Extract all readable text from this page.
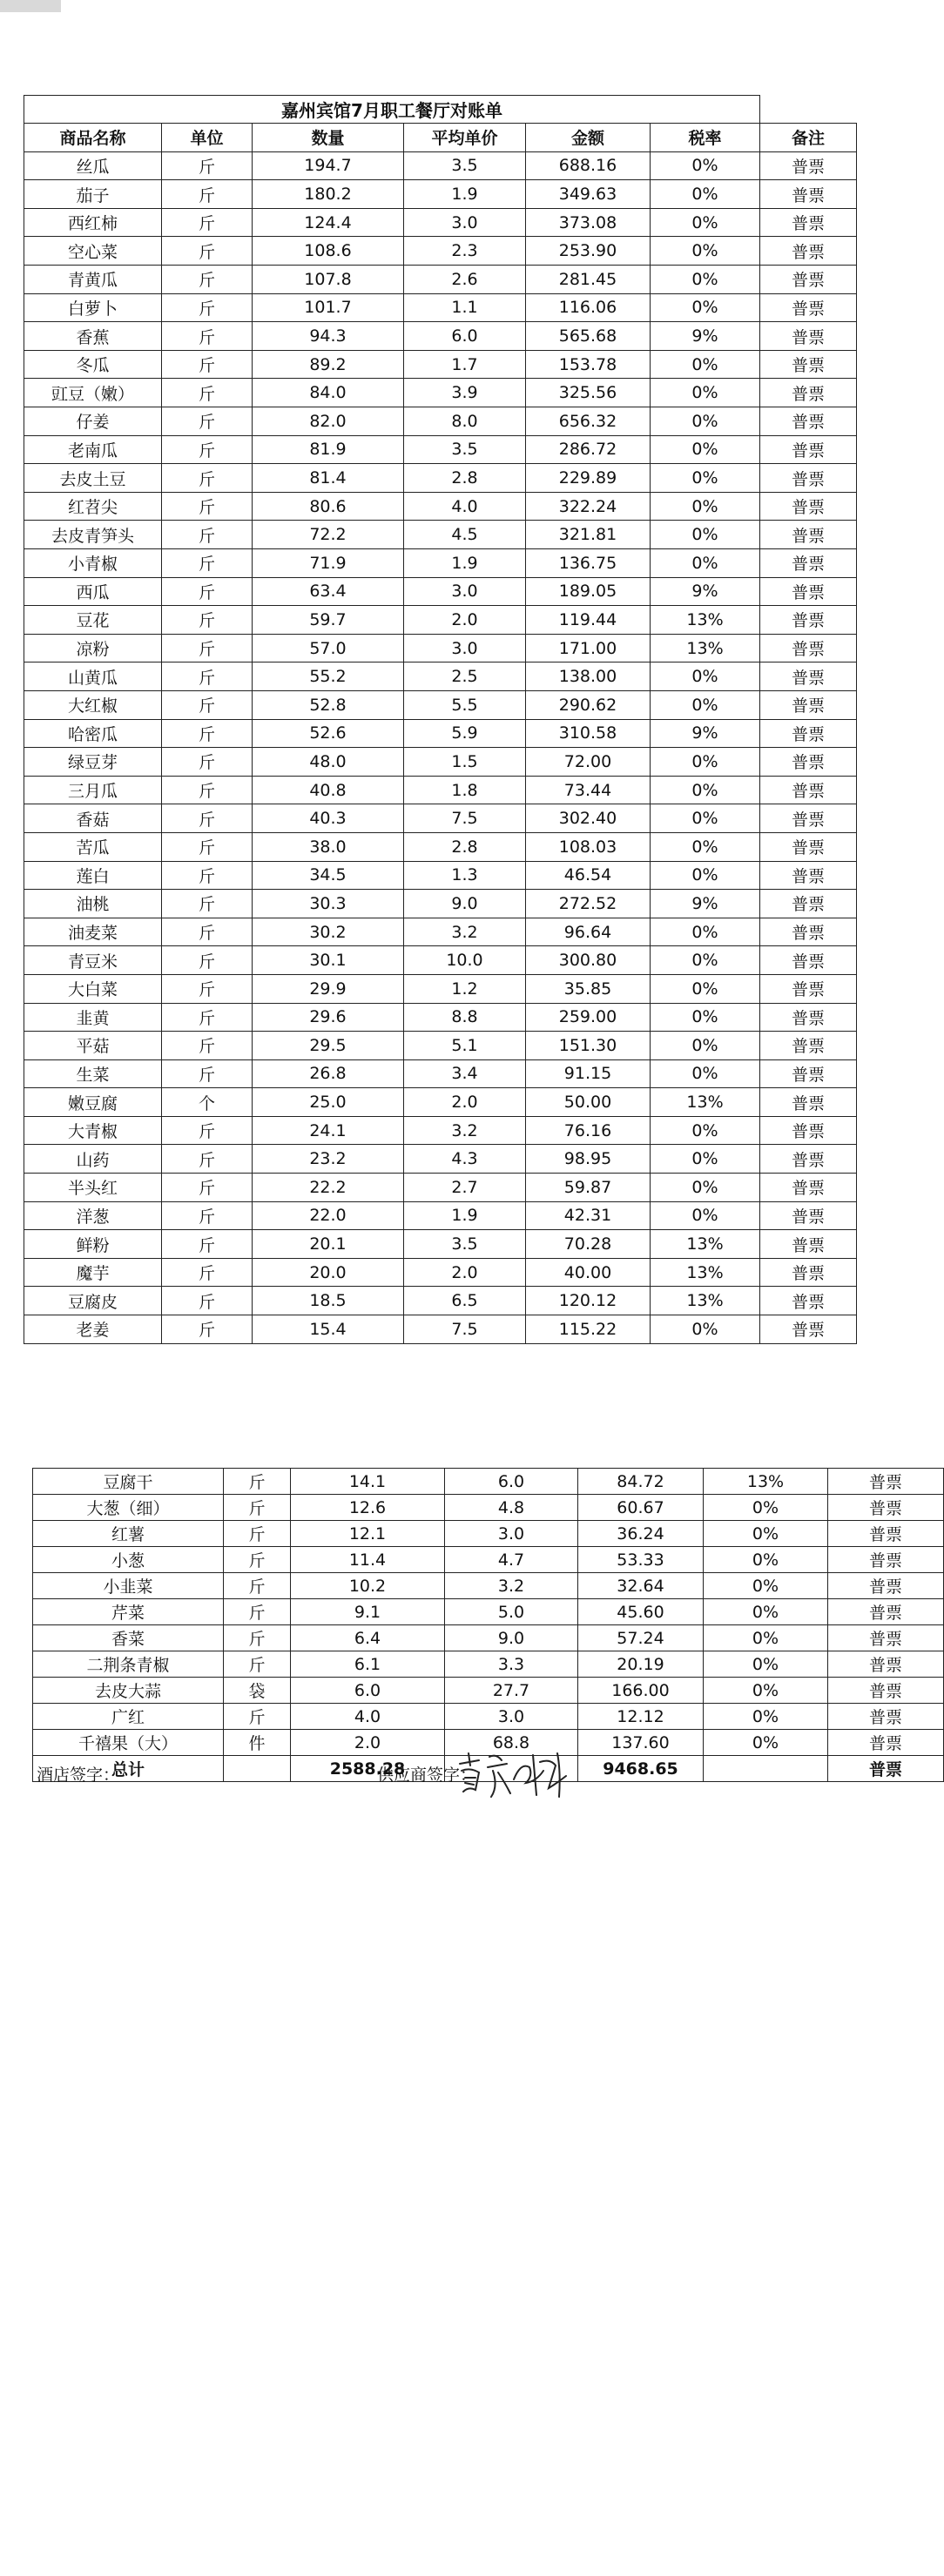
嘉州宾馆7月职工餐厅对账单						
商品名称	单位	数量	平均单价	金额	税率	备注
丝瓜	斤	194.7	3.5	688.16	0%	普票
茄子	斤	180.2	1.9	349.63	0%	普票
西红柿	斤	124.4	3.0	373.08	0%	普票
空心菜	斤	108.6	2.3	253.90	0%	普票
青黄瓜	斤	107.8	2.6	281.45	0%	普票
白萝卜	斤	101.7	1.1	116.06	0%	普票
香蕉	斤	94.3	6.0	565.68	9%	普票
冬瓜	斤	89.2	1.7	153.78	0%	普票
豇豆（嫩）	斤	84.0	3.9	325.56	0%	普票
仔姜	斤	82.0	8.0	656.32	0%	普票
老南瓜	斤	81.9	3.5	286.72	0%	普票
去皮土豆	斤	81.4	2.8	229.89	0%	普票
红苕尖	斤	80.6	4.0	322.24	0%	普票
去皮青笋头	斤	72.2	4.5	321.81	0%	普票
小青椒	斤	71.9	1.9	136.75	0%	普票
西瓜	斤	63.4	3.0	189.05	9%	普票
豆花	斤	59.7	2.0	119.44	13%	普票
凉粉	斤	57.0	3.0	171.00	13%	普票
山黄瓜	斤	55.2	2.5	138.00	0%	普票
大红椒	斤	52.8	5.5	290.62	0%	普票
哈密瓜	斤	52.6	5.9	310.58	9%	普票
绿豆芽	斤	48.0	1.5	72.00	0%	普票
三月瓜	斤	40.8	1.8	73.44	0%	普票
香菇	斤	40.3	7.5	302.40	0%	普票
苦瓜	斤	38.0	2.8	108.03	0%	普票
莲白	斤	34.5	1.3	46.54	0%	普票
油桃	斤	30.3	9.0	272.52	9%	普票
油麦菜	斤	30.2	3.2	96.64	0%	普票
青豆米	斤	30.1	10.0	300.80	0%	普票
大白菜	斤	29.9	1.2	35.85	0%	普票
韭黄	斤	29.6	8.8	259.00	0%	普票
平菇	斤	29.5	5.1	151.30	0%	普票
生菜	斤	26.8	3.4	91.15	0%	普票
嫩豆腐	个	25.0	2.0	50.00	13%	普票
大青椒	斤	24.1	3.2	76.16	0%	普票
山药	斤	23.2	4.3	98.95	0%	普票
半头红	斤	22.2	2.7	59.87	0%	普票
洋葱	斤	22.0	1.9	42.31	0%	普票
鲜粉	斤	20.1	3.5	70.28	13%	普票
魔芋	斤	20.0	2.0	40.00	13%	普票
豆腐皮	斤	18.5	6.5	120.12	13%	普票
老姜	斤	15.4	7.5	115.22	0%	普票
豆腐干	斤	14.1	6.0	84.72	13%	普票
大葱（细）	斤	12.6	4.8	60.67	0%	普票
红薯	斤	12.1	3.0	36.24	0%	普票
小葱	斤	11.4	4.7	53.33	0%	普票
小韭菜	斤	10.2	3.2	32.64	0%	普票
芹菜	斤	9.1	5.0	45.60	0%	普票
香菜	斤	6.4	9.0	57.24	0%	普票
二荆条青椒	斤	6.1	3.3	20.19	0%	普票
去皮大蒜	袋	6.0	27.7	166.00	0%	普票
广红	斤	4.0	3.0	12.12	0%	普票
千禧果（大）	件	2.0	68.8	137.60	0%	普票
总计		2588.28		9468.65		普票
酒店签字：	供应商签字：
